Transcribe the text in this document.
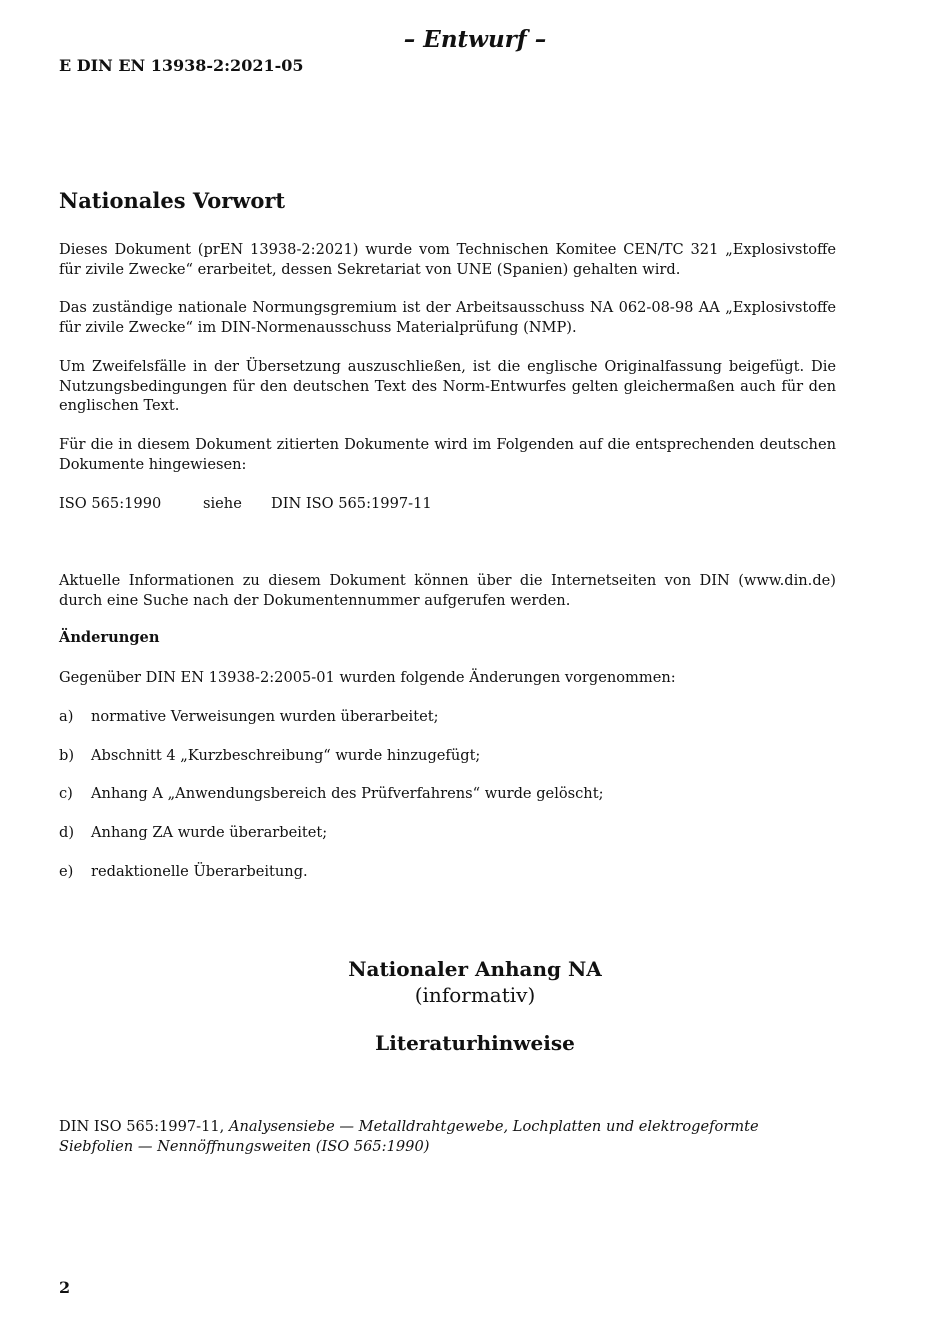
– Entwurf –
E DIN EN 13938-2:2021-05
Nationales Vorwort

Dieses Dokument (prEN 13938-2:2021) wurde vom Technischen Komitee CEN/TC 321 „Explosivstoffe für zivile Zwecke“ erarbeitet, dessen Sekretariat von UNE (Spanien) gehalten wird.

Das zuständige nationale Normungsgremium ist der Arbeitsausschuss NA 062-08-98 AA „Explosivstoffe für zivile Zwecke“ im DIN-Normenausschuss Materialprüfung (NMP).

Um Zweifelsfälle in der Übersetzung auszuschließen, ist die englische Originalfassung beigefügt. Die Nutzungsbedingungen für den deutschen Text des Norm-Entwurfes gelten gleichermaßen auch für den englischen Text.

Für die in diesem Dokument zitierten Dokumente wird im Folgenden auf die entsprechenden deutschen Dokumente hingewiesen:

ISO 565:1990	siehe DIN ISO 565:1997-11

Aktuelle Informationen zu diesem Dokument können über die Internetseiten von DIN (www.din.de) durch eine Suche nach der Dokumentennummer aufgerufen werden.

Änderungen
Gegenüber DIN EN 13938-2:2005-01 wurden folgende Änderungen vorgenommen:
a) normative Verweisungen wurden überarbeitet;
b) Abschnitt 4 „Kurzbeschreibung“ wurde hinzugefügt;
c) Anhang A „Anwendungsbereich des Prüfverfahrens“ wurde gelöscht;
d) Anhang ZA wurde überarbeitet;
e) redaktionelle Überarbeitung.
Nationaler Anhang NA
(informativ)
Literaturhinweise
DIN ISO 565:1997-11, Analysensiebe — Metalldrahtgewebe, Lochplatten und elektrogeformte Siebfolien — Nennöffnungsweiten (ISO 565:1990)
2
